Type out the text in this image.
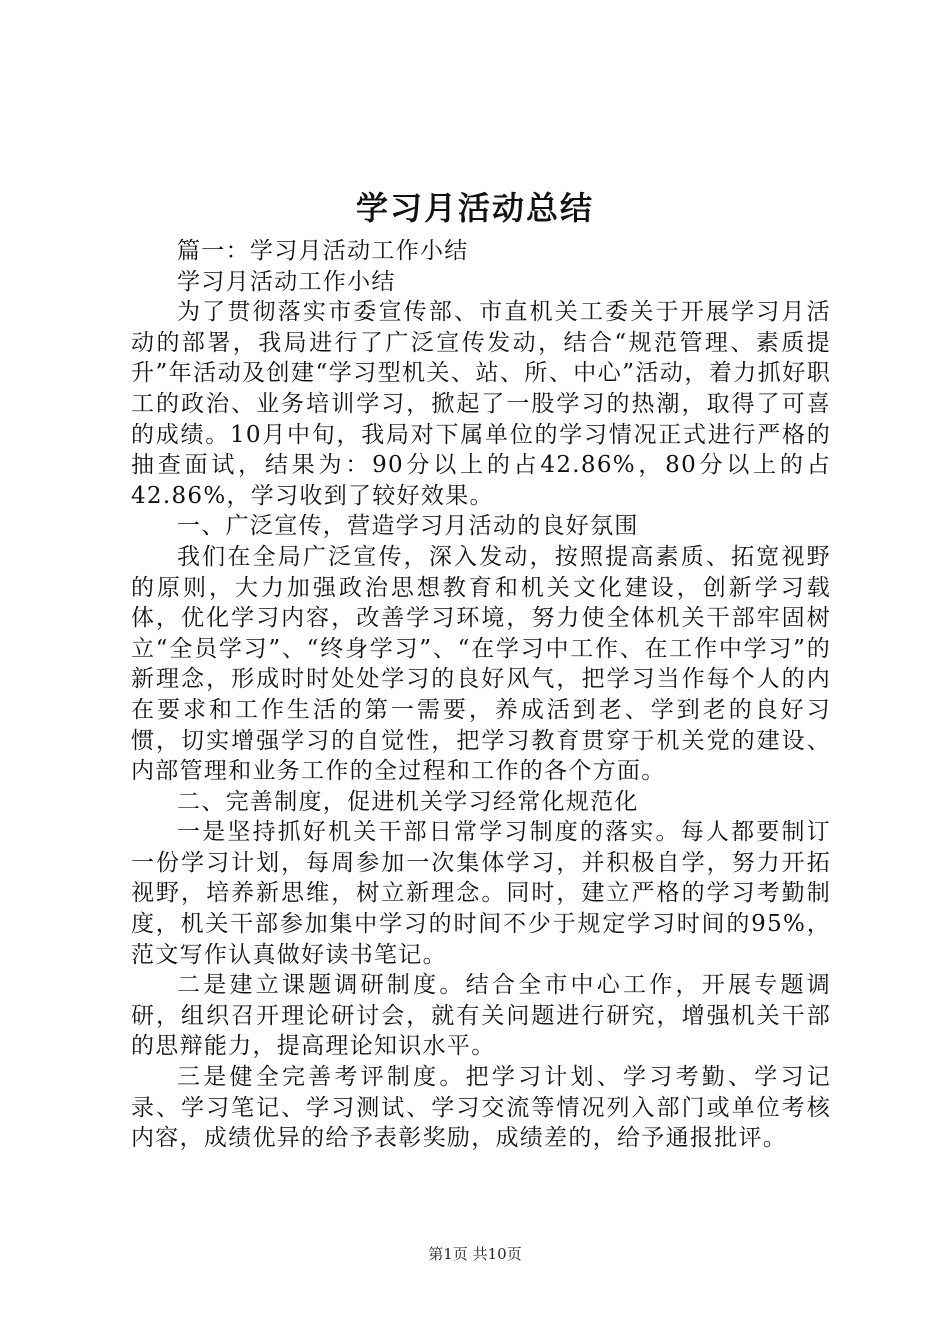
学习月活动总结

篇一：学习月活动工作小结

学习月活动工作小结

为了贯彻落实市委宣传部、市直机关工委关于开展学习月活动的部署，我局进行了广泛宣传发动，结合“规范管理、素质提升”年活动及创建“学习型机关、站、所、中心”活动，着力抓好职工的政治、业务培训学习，掀起了一股学习的热潮，取得了可喜的成绩。10月中旬，我局对下属单位的学习情况正式进行严格的抽查面试，结果为：90分以上的占42.86%，80分以上的占42.86%，学习收到了较好效果。

一、广泛宣传，营造学习月活动的良好氛围

我们在全局广泛宣传，深入发动，按照提高素质、拓宽视野的原则，大力加强政治思想教育和机关文化建设，创新学习载体，优化学习内容，改善学习环境，努力使全体机关干部牢固树立“全员学习”、“终身学习”、“在学习中工作、在工作中学习”的新理念，形成时时处处学习的良好风气，把学习当作每个人的内在要求和工作生活的第一需要，养成活到老、学到老的良好习惯，切实增强学习的自觉性，把学习教育贯穿于机关党的建设、内部管理和业务工作的全过程和工作的各个方面。

二、完善制度，促进机关学习经常化规范化

一是坚持抓好机关干部日常学习制度的落实。每人都要制订一份学习计划，每周参加一次集体学习，并积极自学，努力开拓视野，培养新思维，树立新理念。同时，建立严格的学习考勤制度，机关干部参加集中学习的时间不少于规定学习时间的95%，范文写作认真做好读书笔记。

二是建立课题调研制度。结合全市中心工作，开展专题调研，组织召开理论研讨会，就有关问题进行研究，增强机关干部的思辩能力，提高理论知识水平。

三是健全完善考评制度。把学习计划、学习考勤、学习记录、学习笔记、学习测试、学习交流等情况列入部门或单位考核内容，成绩优异的给予表彰奖励，成绩差的，给予通报批评。

第1页 共10页
